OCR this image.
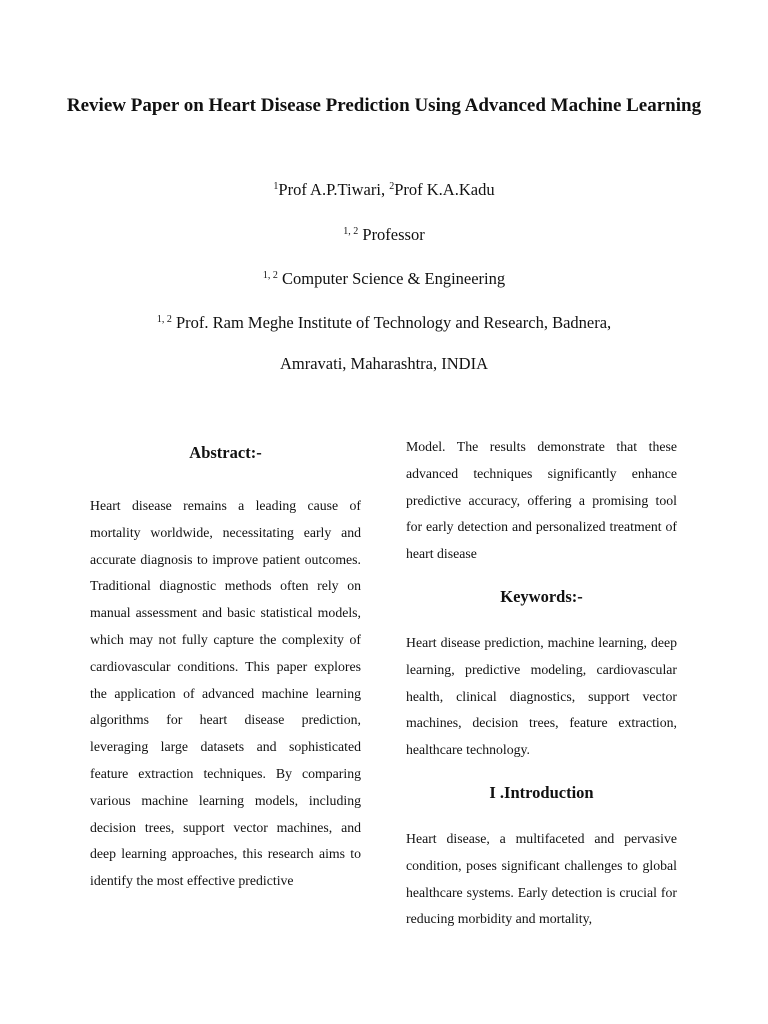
Review Paper on Heart Disease Prediction Using Advanced Machine Learning

$^1$Prof A.P.Tiwari, $^2$Prof K.A.Kadu

$^{1, 2}$ Professor

$^{1, 2}$ Computer Science & Engineering

$^{1, 2}$ Prof. Ram Meghe Institute of Technology and Research, Badnera,

Amravati, Maharashtra, INDIA

Abstract:-

Heart disease remains a leading cause of mortality worldwide, necessitating early and accurate diagnosis to improve patient outcomes. Traditional diagnostic methods often rely on manual assessment and basic statistical models, which may not fully capture the complexity of cardiovascular conditions. This paper explores the application of advanced machine learning algorithms for heart disease prediction, leveraging large datasets and sophisticated feature extraction techniques. By comparing various machine learning models, including decision trees, support vector machines, and deep learning approaches, this research aims to identify the most effective predictive

Model. The results demonstrate that these advanced techniques significantly enhance predictive accuracy, offering a promising tool for early detection and personalized treatment of heart disease

Keywords:-

Heart disease prediction, machine learning, deep learning, predictive modeling, cardiovascular health, clinical diagnostics, support vector machines, decision trees, feature extraction, healthcare technology.

I .Introduction

Heart disease, a multifaceted and pervasive condition, poses significant challenges to global healthcare systems. Early detection is crucial for reducing morbidity and mortality,
